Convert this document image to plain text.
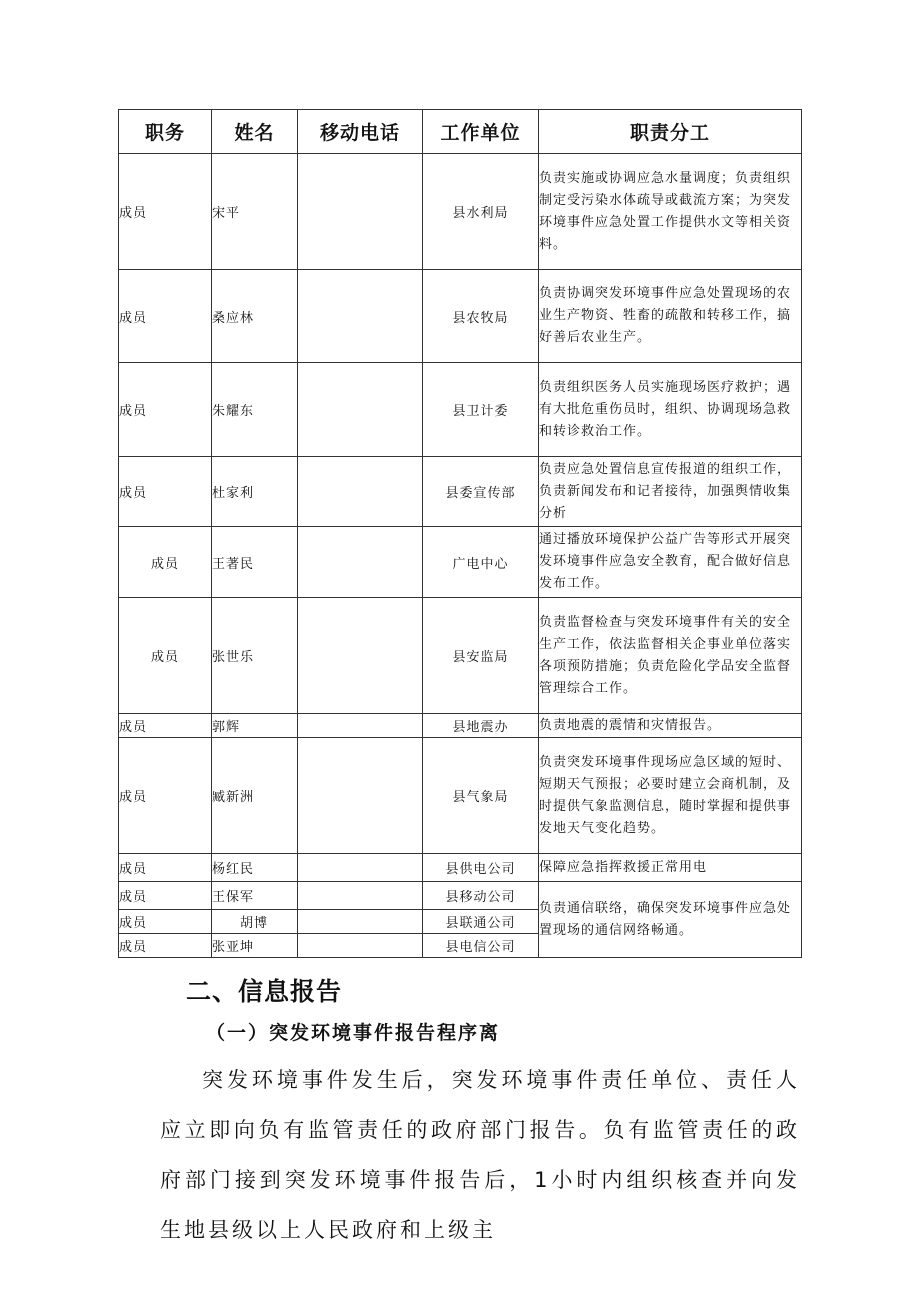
职务	姓名	移动电话	工作单位	职责分工
成员	宋平		县水利局	负责实施或协调应急水量调度；负责组织制定受污染水体疏导或截流方案；为突发环境事件应急处置工作提供水文等相关资料。
成员	桑应林		县农牧局	负责协调突发环境事件应急处置现场的农业生产物资、牲畜的疏散和转移工作，搞好善后农业生产。
成员	朱耀东		县卫计委	负责组织医务人员实施现场医疗救护；遇有大批危重伤员时，组织、协调现场急救和转诊救治工作。
成员	杜家利		县委宣传部	负责应急处置信息宣传报道的组织工作，负责新闻发布和记者接待，加强舆情收集分析
成员	王著民		广电中心	通过播放环境保护公益广告等形式开展突发环境事件应急安全教育，配合做好信息发布工作。
成员	张世乐		县安监局	负责监督检查与突发环境事件有关的安全生产工作，依法监督相关企事业单位落实各项预防措施；负责危险化学品安全监督管理综合工作。
成员	郭辉		县地震办	负责地震的震情和灾情报告。
成员	臧新洲		县气象局	负责突发环境事件现场应急区域的短时、短期天气预报；必要时建立会商机制，及时提供气象监测信息，随时掌握和提供事发地天气变化趋势。
成员	杨红民		县供电公司	保障应急指挥救援正常用电
成员	王保军		县移动公司	负责通信联络，确保突发环境事件应急处置现场的通信网络畅通。
成员	胡博		县联通公司	
成员	张亚坤		县电信公司	
二、信息报告
（一）突发环境事件报告程序离

突发环境事件发生后，突发环境事件责任单位、责任人应立即向负有监管责任的政府部门报告。负有监管责任的政府部门接到突发环境事件报告后，1小时内组织核查并向发生地县级以上人民政府和上级主
